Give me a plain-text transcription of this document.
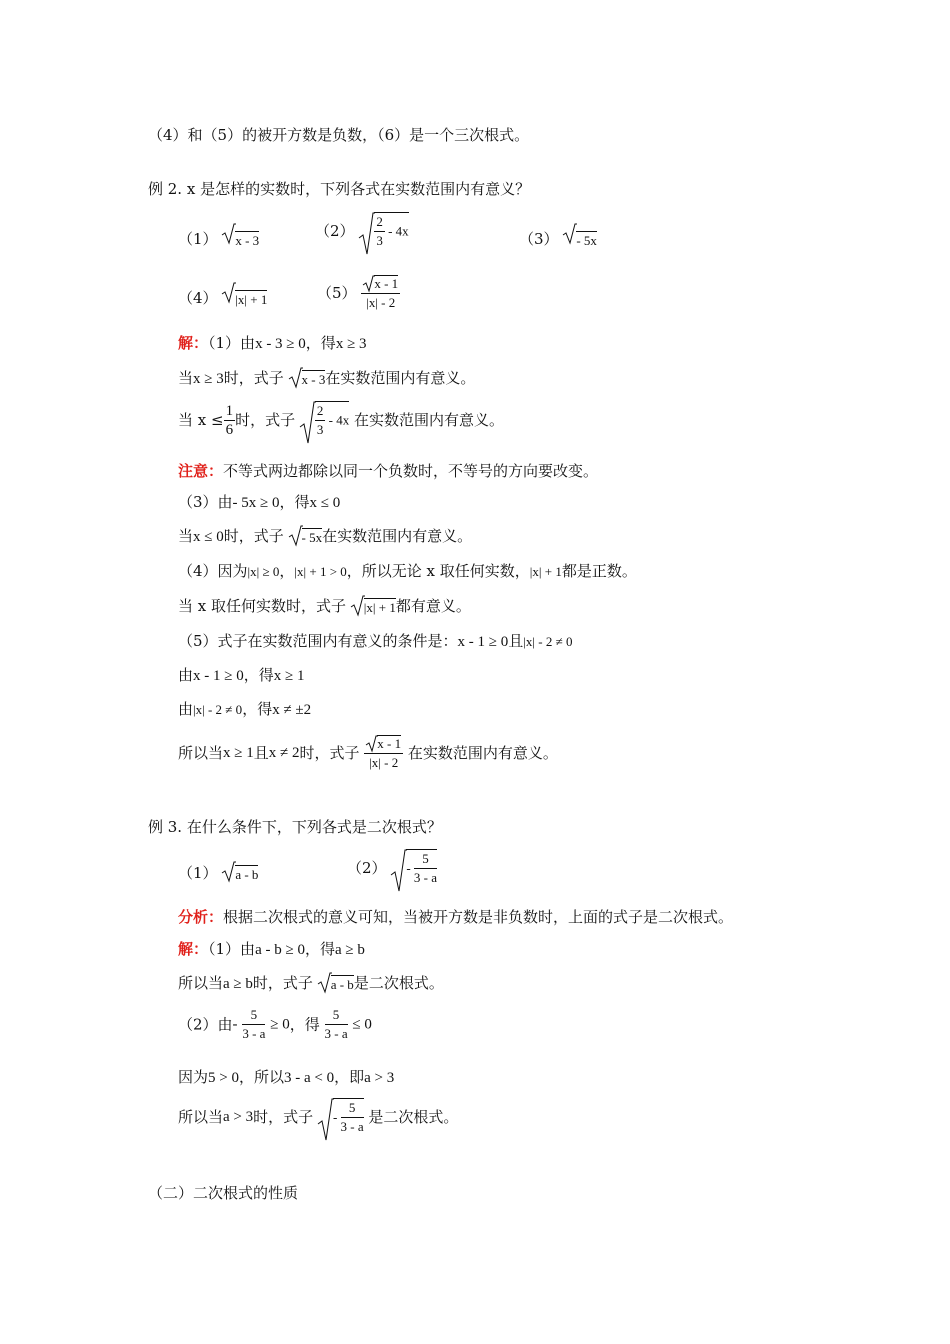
（4）和（5）的被开方数是负数，（6）是一个三次根式。
例 2. x 是怎样的实数时，下列各式在实数范围内有意义？
（1） x - 3
$(2) \frac{2}{3} - 4x$	（3） - 5x
（4） |x| + 1	$(5) \frac{x - 1}{|x| - 2}$
解：（1）由x - 3 ≥ 0，得x ≥ 3
当x ≥ 3时，式子 x - 3在实数范围内有意义。
当 $x \le \frac{1}{6}$ 时，式子 $\frac{2}{3} - 4x$ 在实数范围内有意义。
注意：不等式两边都除以同一个负数时，不等号的方向要改变。
（3）由- 5x ≥ 0，得x ≤ 0
当x ≤ 0时，式子 - 5x在实数范围内有意义。
（4）因为|x| ≥ 0，|x| + 1 > 0，所以无论 x 取任何实数，|x| + 1都是正数。
当 x 取任何实数时，式子 |x| + 1都有意义。
（5）式子在实数范围内有意义的条件是：x - 1 ≥ 0且|x| - 2 ≠ 0
由x - 1 ≥ 0，得x ≥ 1
由|x| - 2 ≠ 0，得x ≠ ±2
所以当x ≥ 1且x ≠ 2时，式子 $\frac{x - 1}{|x| - 2}$ 在实数范围内有意义。
例 3. 在什么条件下，下列各式是二次根式？
（1） a - b	$(2) - \frac{5}{3 - a}$
分析：根据二次根式的意义可知，当被开方数是非负数时，上面的式子是二次根式。
解：（1）由a - b ≥ 0，得a ≥ b
所以当a ≥ b时，式子 a - b是二次根式。
（2）由- $\frac{5}{3 - a} \ge 0$，得 $\frac{5}{3 - a} \le 0$
因为5 > 0，所以3 - a < 0，即a > 3
所以当a > 3时，式子 - $\frac{5}{3 - a}$ 是二次根式。
（二）二次根式的性质
